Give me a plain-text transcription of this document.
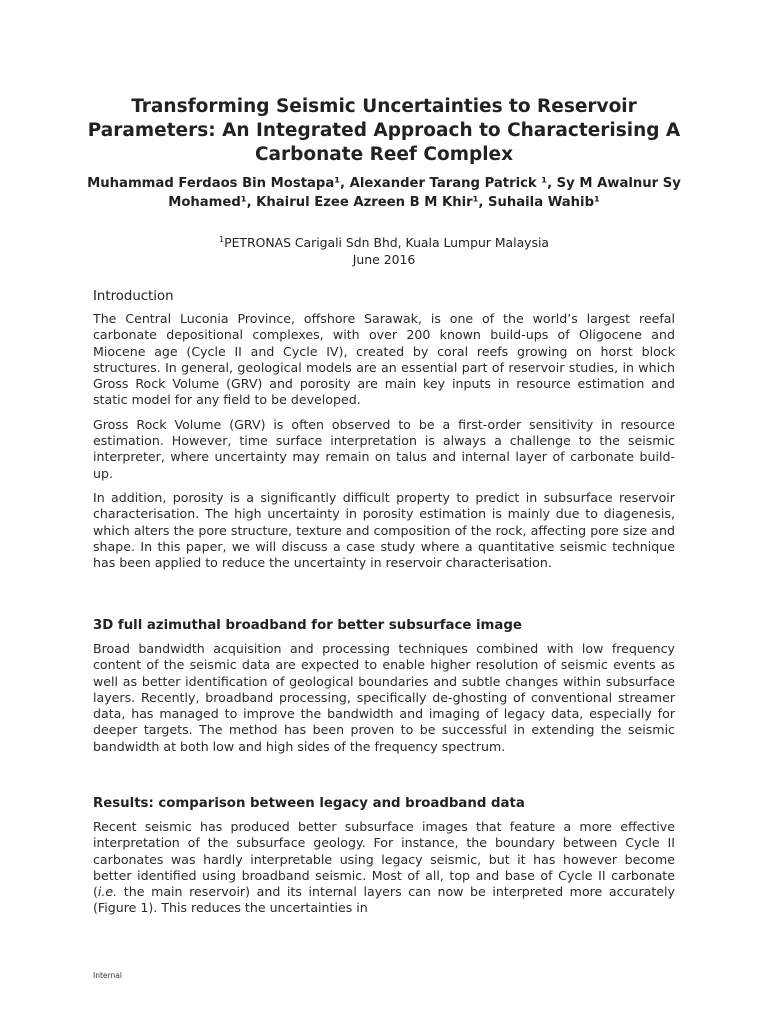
Transforming Seismic Uncertainties to Reservoir Parameters: An Integrated Approach to Characterising A Carbonate Reef Complex
Muhammad Ferdaos Bin Mostapa¹, Alexander Tarang Patrick ¹, Sy M Awalnur Sy Mohamed¹, Khairul Ezee Azreen B M Khir¹, Suhaila Wahib¹
$^1$PETRONAS Carigali Sdn Bhd, Kuala Lumpur Malaysia
June 2016
Introduction

The Central Luconia Province, offshore Sarawak, is one of the world’s largest reefal carbonate depositional complexes, with over 200 known build-ups of Oligocene and Miocene age (Cycle II and Cycle IV), created by coral reefs growing on horst block structures. In general, geological models are an essential part of reservoir studies, in which Gross Rock Volume (GRV) and porosity are main key inputs in resource estimation and static model for any field to be developed.

Gross Rock Volume (GRV) is often observed to be a first-order sensitivity in resource estimation. However, time surface interpretation is always a challenge to the seismic interpreter, where uncertainty may remain on talus and internal layer of carbonate build-up.

In addition, porosity is a significantly difficult property to predict in subsurface reservoir characterisation. The high uncertainty in porosity estimation is mainly due to diagenesis, which alters the pore structure, texture and composition of the rock, affecting pore size and shape. In this paper, we will discuss a case study where a quantitative seismic technique has been applied to reduce the uncertainty in reservoir characterisation.

3D full azimuthal broadband for better subsurface image

Broad bandwidth acquisition and processing techniques combined with low frequency content of the seismic data are expected to enable higher resolution of seismic events as well as better identification of geological boundaries and subtle changes within subsurface layers. Recently, broadband processing, specifically de-ghosting of conventional streamer data, has managed to improve the bandwidth and imaging of legacy data, especially for deeper targets. The method has been proven to be successful in extending the seismic bandwidth at both low and high sides of the frequency spectrum.

Results: comparison between legacy and broadband data

Recent seismic has produced better subsurface images that feature a more effective interpretation of the subsurface geology. For instance, the boundary between Cycle II carbonates was hardly interpretable using legacy seismic, but it has however become better identified using broadband seismic. Most of all, top and base of Cycle II carbonate (i.e. the main reservoir) and its internal layers can now be interpreted more accurately (Figure 1). This reduces the uncertainties in

Internal
